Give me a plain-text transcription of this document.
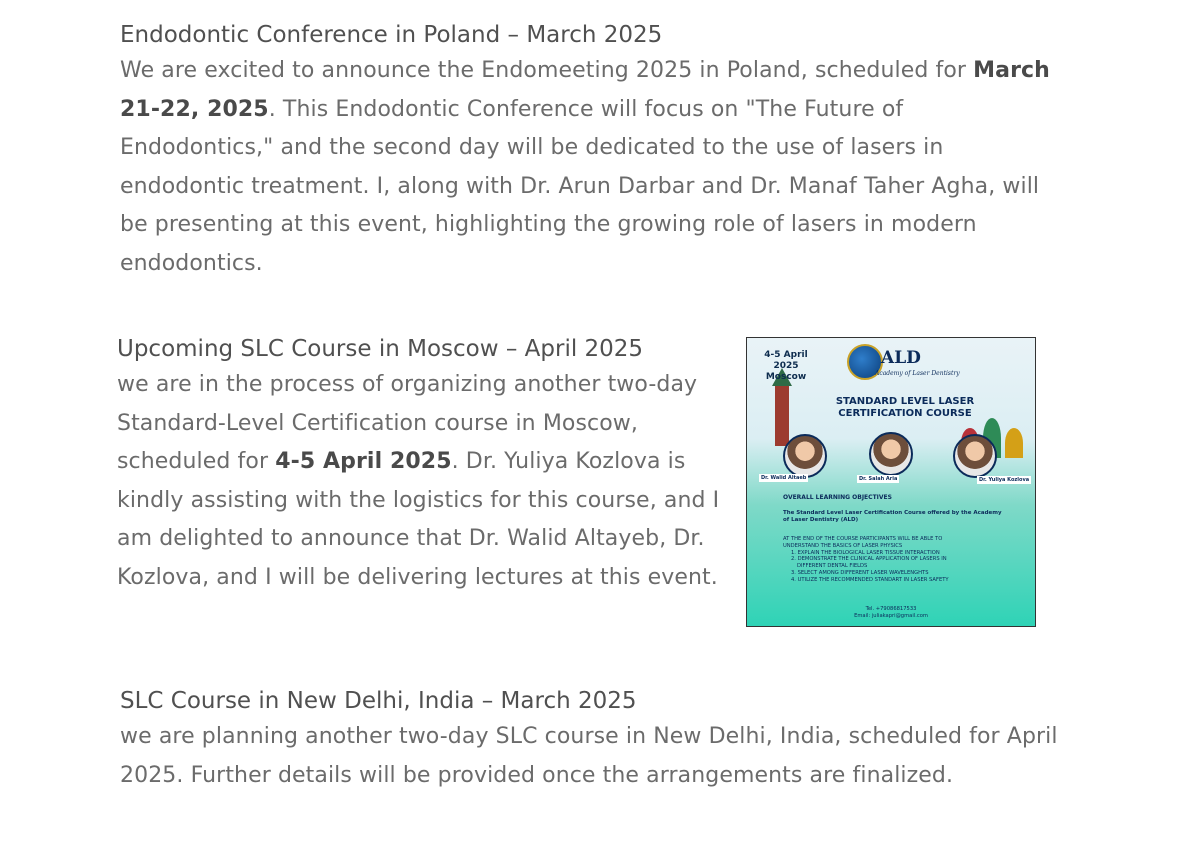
Endodontic Conference in Poland – March 2025

We are excited to announce the Endomeeting 2025 in Poland, scheduled for March 21-22, 2025. This Endodontic Conference will focus on "The Future of Endodontics," and the second day will be dedicated to the use of lasers in endodontic treatment. I, along with Dr. Arun Darbar and Dr. Manaf Taher Agha, will be presenting at this event, highlighting the growing role of lasers in modern endodontics.

Upcoming SLC Course in Moscow – April 2025

we are in the process of organizing another two-day Standard-Level Certification course in Moscow, scheduled for 4-5 April 2025. Dr. Yuliya Kozlova is kindly assisting with the logistics for this course, and I am delighted to announce that Dr. Walid Altayeb, Dr. Kozlova, and I will be delivering lectures at this event.

4-5 April 2025
Moscow
ALD
Academy of Laser Dentistry
STANDARD LEVEL LASER
CERTIFICATION COURSE
Dr. Walid Altaeb	Dr. Salah Aria	Dr. Yuliya Kozlova
OVERALL LEARNING OBJECTIVES
The Standard Level Laser Certification Course offered by the Academy of Laser Dentistry (ALD)
AT THE END OF THE COURSE PARTICIPANTS WILL BE ABLE TO
UNDERSTAND THE BASICS OF LASER PHYSICS
1. EXPLAIN THE BIOLOGICAL LASER TISSUE INTERACTION
2. DEMONSTRATE THE CLINICAL APPLICATION OF LASERS IN
DIFFERENT DENTAL FIELDS
3. SELECT AMONG DIFFERENT LASER WAVELENGHTS
4. UTILIZE THE RECOMMENDED STANDART IN LASER SAFETY
Tel. +79086817533
Email: juliakapri@gmail.com
SLC Course in New Delhi, India – March 2025

we are planning another two-day SLC course in New Delhi, India, scheduled for April 2025. Further details will be provided once the arrangements are finalized.
